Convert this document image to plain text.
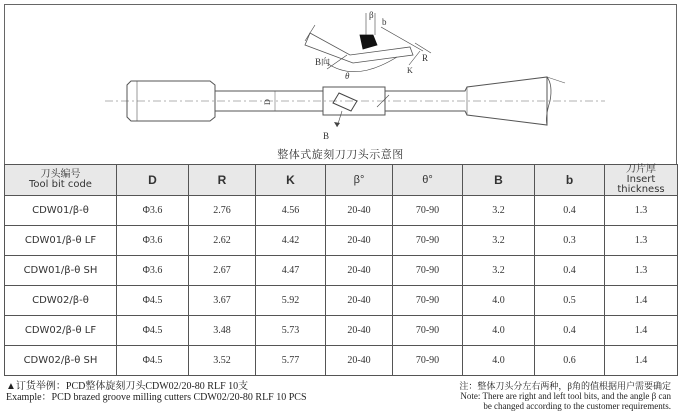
D
β
b
R
K
B向
θ
B
整体式旋刻刀刀头示意图
刀头编号
Tool bit code	D	R	K	β°	θ°	B	b	刀片厚
Insert
thickness

CDW01/β-θ	Φ3.6	2.76	4.56	20-40	70-90	3.2	0.4	1.3
CDW01/β-θ LF	Φ3.6	2.62	4.42	20-40	70-90	3.2	0.3	1.3
CDW01/β-θ SH	Φ3.6	2.67	4.47	20-40	70-90	3.2	0.4	1.3
CDW02/β-θ	Φ4.5	3.67	5.92	20-40	70-90	4.0	0.5	1.4
CDW02/β-θ LF	Φ4.5	3.48	5.73	20-40	70-90	4.0	0.4	1.4
CDW02/β-θ SH	Φ4.5	3.52	5.77	20-40	70-90	4.0	0.6	1.4
▲订货举例：PCD整体旋刻刀头CDW02/20-80 RLF 10支
Example：PCD brazed groove milling cutters CDW02/20-80 RLF 10 PCS
注：整体刀头分左右两种，β角的值根据用户需要确定
Note: There are right and left tool bits, and the angle β can
be changed according to the customer requirements.
